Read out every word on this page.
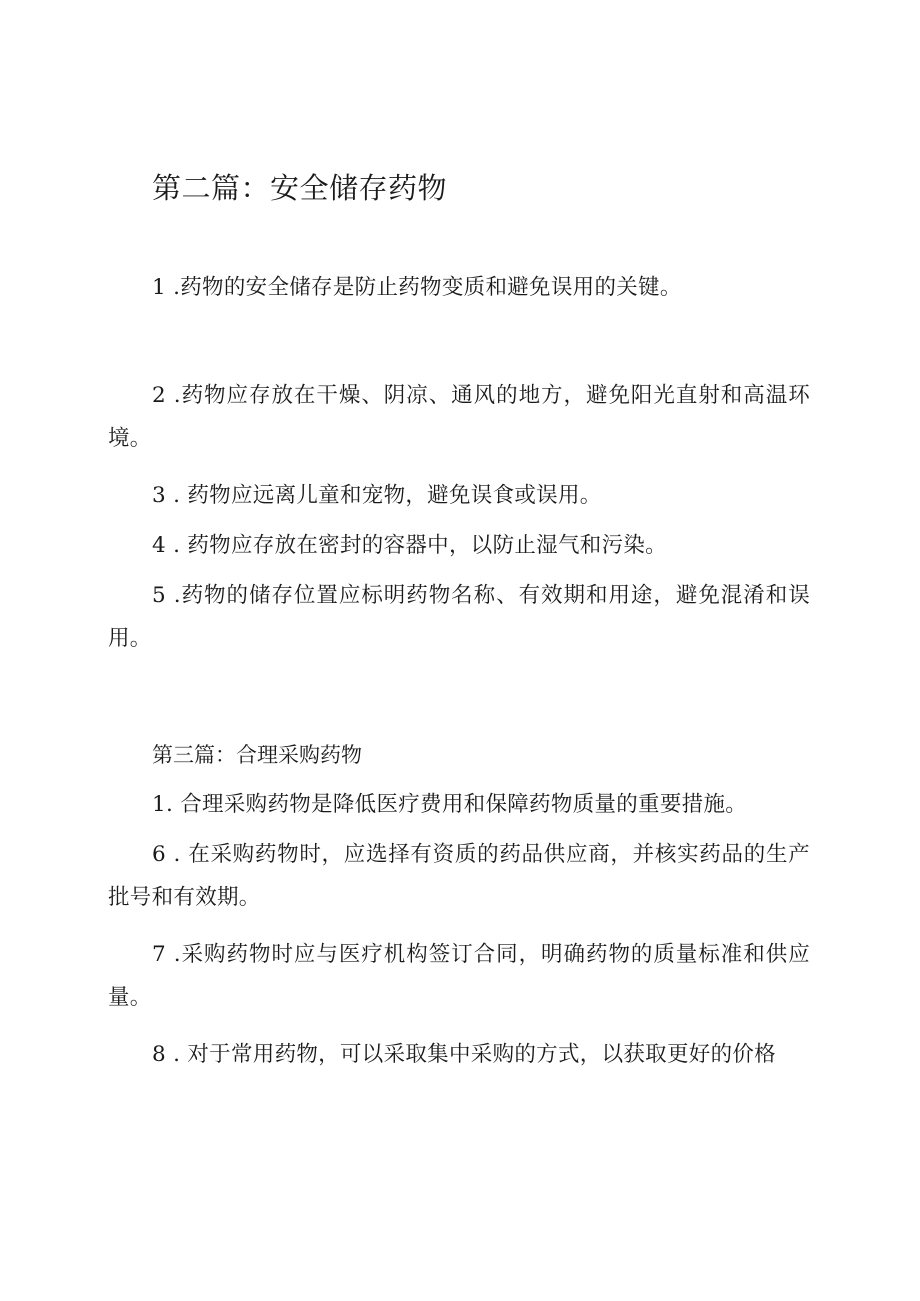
第二篇：安全储存药物

1 .药物的安全储存是防止药物变质和避免误用的关键。

2 .药物应存放在干燥、阴凉、通风的地方，避免阳光直射和高温环境。

3 . 药物应远离儿童和宠物，避免误食或误用。

4 . 药物应存放在密封的容器中，以防止湿气和污染。

5 .药物的储存位置应标明药物名称、有效期和用途，避免混淆和误用。

第三篇：合理采购药物

1. 合理采购药物是降低医疗费用和保障药物质量的重要措施。

6 . 在采购药物时，应选择有资质的药品供应商，并核实药品的生产批号和有效期。

7 .采购药物时应与医疗机构签订合同，明确药物的质量标准和供应量。

8 . 对于常用药物，可以采取集中采购的方式，以获取更好的价格
